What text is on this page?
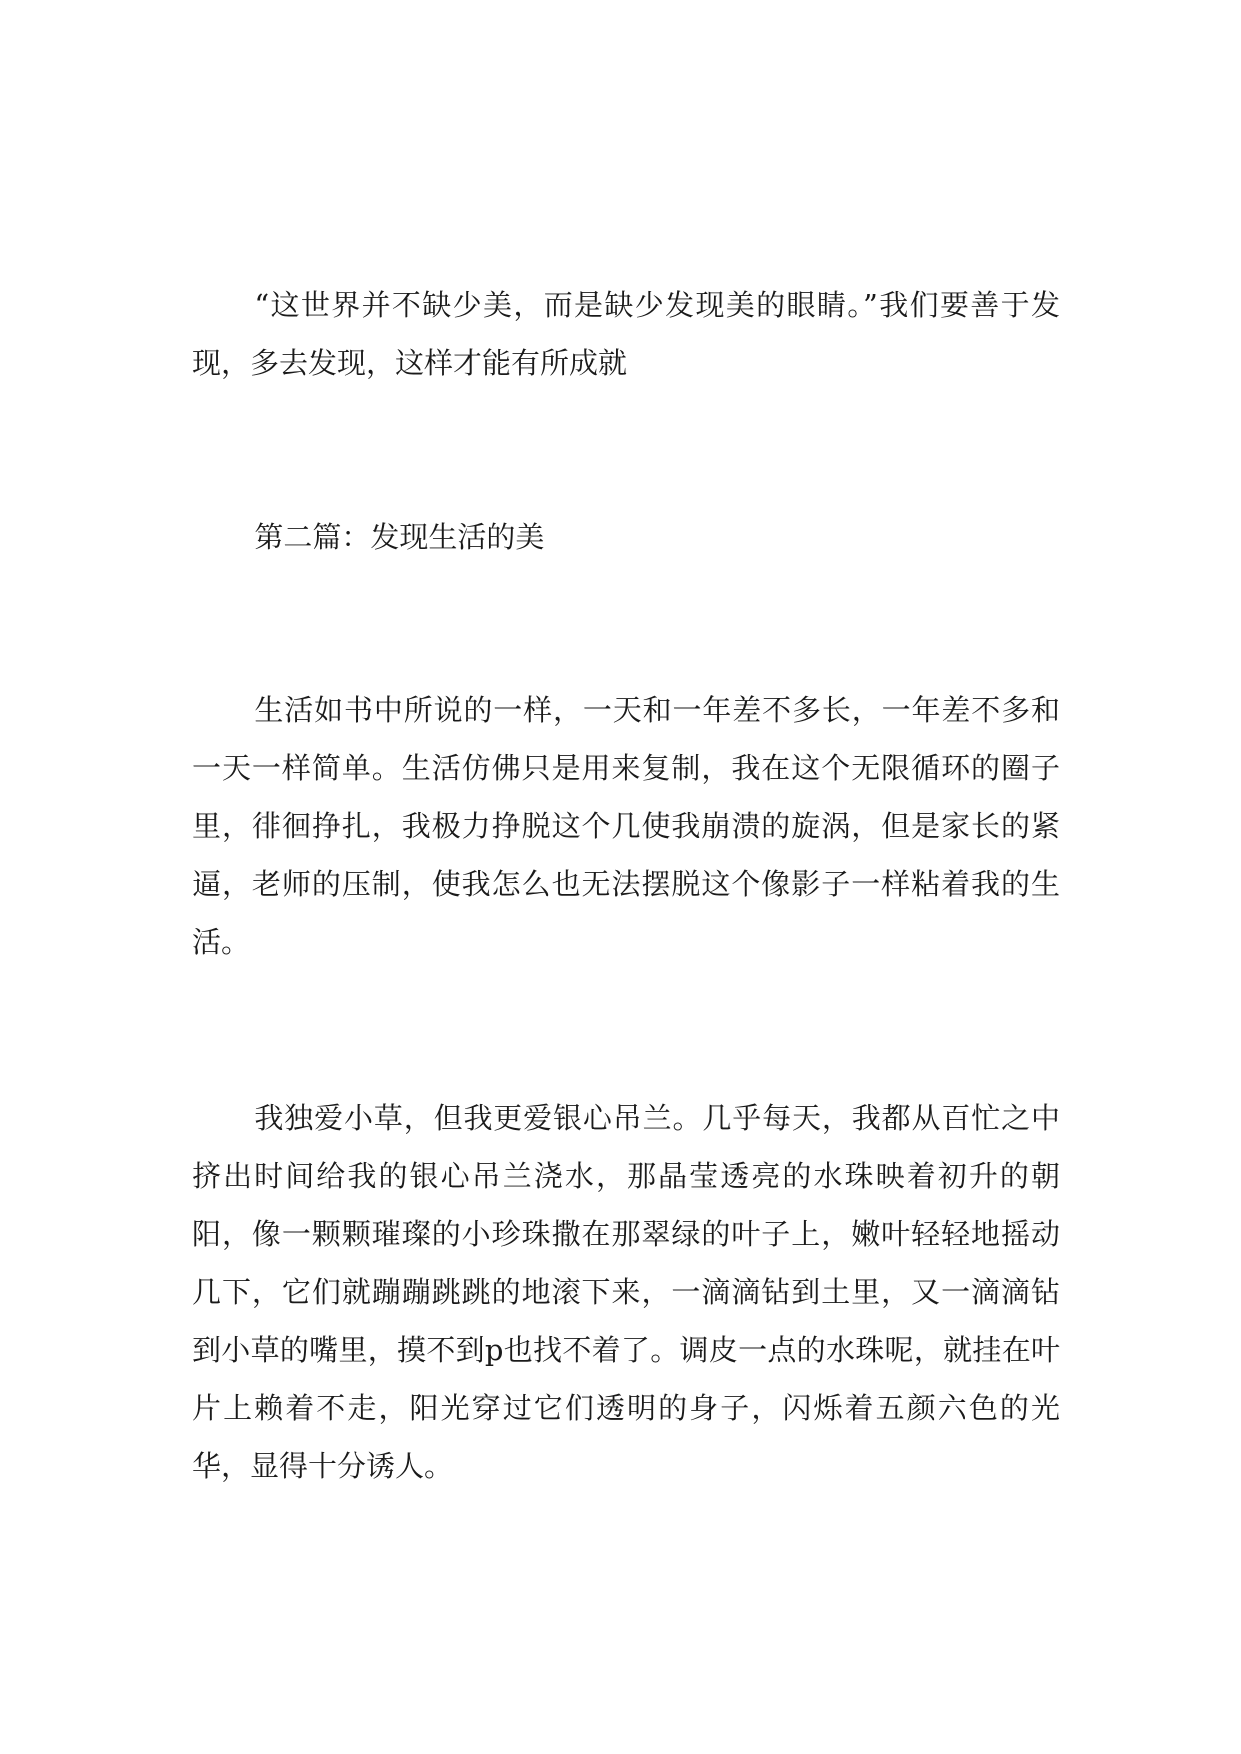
“这世界并不缺少美，而是缺少发现美的眼睛。”我们要善于发现，多去发现，这样才能有所成就

第二篇：发现生活的美

生活如书中所说的一样，一天和一年差不多长，一年差不多和一天一样简单。生活仿佛只是用来复制，我在这个无限循环的圈子里，徘徊挣扎，我极力挣脱这个几使我崩溃的旋涡，但是家长的紧逼，老师的压制，使我怎么也无法摆脱这个像影子一样粘着我的生活。

我独爱小草，但我更爱银心吊兰。几乎每天，我都从百忙之中挤出时间给我的银心吊兰浇水，那晶莹透亮的水珠映着初升的朝阳，像一颗颗璀璨的小珍珠撒在那翠绿的叶子上，嫩叶轻轻地摇动几下，它们就蹦蹦跳跳的地滚下来，一滴滴钻到土里，又一滴滴钻到小草的嘴里，摸不到p也找不着了。调皮一点的水珠呢，就挂在叶片上赖着不走，阳光穿过它们透明的身子，闪烁着五颜六色的光华，显得十分诱人。
